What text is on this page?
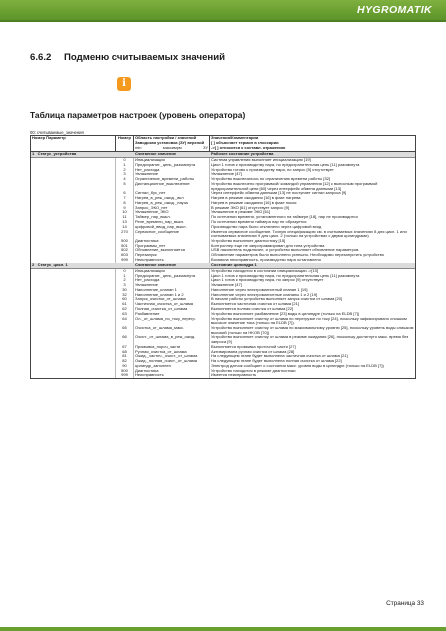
HYGROMATIK
6.6.2 Подменю считываемых значений
i
Таблица параметров настроек (уровень оператора)
00: считываемые_значения
Номер Параметр	Номер Область настройки / значений
Заводская установка (ЗУ) верхний
min	максимум	ЗУ
Значения/Комментарии
[ ] объясняет термин в глоссарии
->[ ] относится к составл. отражению
1 Статус_устройства	Считанное значение	Рабочее состояние устройства
0	Инициализация	Система управления выполняет инициализацию [19]
1	Предохранит._цепь_разомкнута	Цикл 1 готов к производству пара, но предохранительная цепь [11] разомкнута
2	Нет_расхода	Устройство готово к производству пара, но запрос [9] отсутствует
3	Увлажнение	Увлажнение [47]
4	Ограничение_времени_работы	Устройство выключилось по ограничению времени работы [32]
5	Дистанционное_выключение	Устройство выключено программой/ командой управления [12] с выносным программой предохранительной цепи [60] через интерфейс обмена данными [13]
6	Сигнал_бус_нет	Через интерфейс обмена данными [13] не поступает сигнал запроса [9]
7	Нагрев_в_реж_ожид._вкл	Нагрев в режиме ожидания [16] в фазе нагрева
8	Нагрев_в_реж_ожид._пауза	Нагрев в режиме ожидания [16] в фазе покоя
9	Запрос_ЭКО_нет	В режиме ЭКО [61] отсутствует запрос [9]
10	Увлажнение_ЭКО	Увлажнение в режиме ЭКО [61]
11	Таймер_нар_выкл.	По истечении времени, установленного на таймере [18], нар не производится
13	Реле_времени_пар_выкл.	По истечении времени таймера пар не образуется
14	цифровой_ввод_пар_выкл.	Производство пара было отключено через цифровой вход
270	Сервисное_сообщение	Имеется сервисное сообщение. Точную спецификацию см. в считываемых значениях 8 для цикл. 1 или считываемых значениях 9 для цикл. 2 (только на устройствах с двумя цилиндрами)
500	Диагностика	Устройство выполняет диагностику [15]
501	Программы_нет	Контроллер еще не запрограммирован для типа устройства
502	Обновление_выполняется	USB накопитель подключен, и устройство выполняет обновление параметров.
603	Перезапуск	Обновление параметров было выполнено успешно. Необходимо перезапустить устройство
999	Неисправность	Возникла неисправность, производство пара остановлено
2 Статус_цикл. 1	Считанное значение	Состояние цилиндра 1
0	Инициализация	Устройство находится в состоянии инициализации ->[10]
1	Предохранит._цепь_разомкнута	Цикл 1 готов к производству пара, но предохранительная цепь [11] разомкнута
2	Нет_расхода	Цикл 1 готов к производству пара, но запрос [9] отсутствует
3	Увлажнение	Увлажнение [47]
30	Наполнение_клапан 1	Наполнение через электромагнитный клапан 1 [19]
32	Наполнение_клапан 1 и 2	Наполнение через электромагнитные клапаны 1 и 2 [19]
60	Запуск_очистки_от_шлама	В начале работы устройство выполняет запуск очистки от шлама [20]
61	Частичная_очистка_от_шлама	Выполняется частичная очистка от шлама [21]
62	Полная_очистка_от_шлама	Выполняется полная очистка от шлама [22]
63	Разбавление	Устройство выполняет разбавление [23] воды в цилиндре (только на ELDB [7])
64	Ол._от_шлама_по_току_перегр.	Устройство выполняет очистку от шлама по перегрузке по току [24], поскольку зафиксировано слишком высокое значение тока (только на ELDB [7]).
65	Очистка_от_шлама_макс.	Устройство выполняет очистку от шлама по максимальному уровню [25], поскольку уровень воды слишком высокий (только на HKOB [70])
66	Очист._от_шлама_в_реж_ожид.	Устройство выполняет очистку от шлама в режиме ожидания [26], поскольку достигнуто макс. время без запроса [9]
67	Промывка_пороч_части	Выполняется промывка проточной части [27]
68	Ручная_очистка_от_шлама	Активирована ручная очистка от шлама [28]
81	Ожид._частич._очист._от_шлама	На следующем этапе будет выполнена частичная очистка от шлама [21]
82	Ожид._полная_очист._от_шлама	На следующем этапе будет выполнена полная очистка от шлама [22]
90	цилиндр_заполнен	Электрод датчик сообщает о состоянии макс. уровня воды в цилиндре (только на ELDB [7])
500	Диагностика	Устройство находится в режиме диагностики
999	Неисправность	Имеется неисправность
Страница 33
